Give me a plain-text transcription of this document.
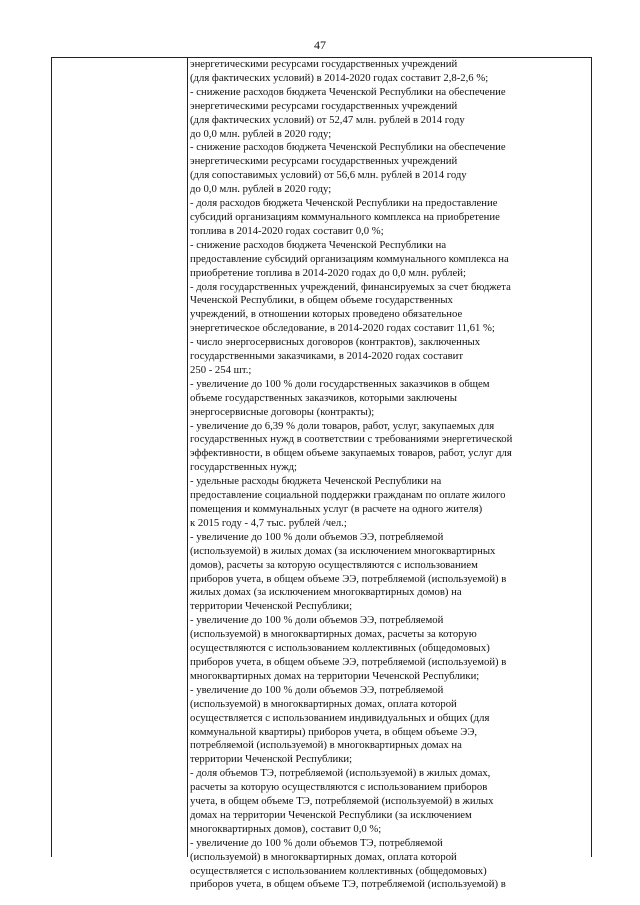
47
энергетическими ресурсами государственных учреждений
(для фактических условий) в 2014-2020 годах составит 2,8-2,6 %;
- снижение расходов бюджета Чеченской Республики на обеспечение
энергетическими ресурсами государственных учреждений
(для фактических условий) от 52,47 млн. рублей в 2014 году
до 0,0 млн. рублей в 2020 году;
- снижение расходов бюджета Чеченской Республики на обеспечение
энергетическими ресурсами государственных учреждений
(для сопоставимых условий) от 56,6 млн. рублей в 2014 году
до 0,0 млн. рублей в 2020 году;
- доля расходов бюджета Чеченской Республики на предоставление
субсидий организациям коммунального комплекса на приобретение
топлива в 2014-2020 годах составит 0,0 %;
- снижение расходов бюджета Чеченской Республики на
предоставление субсидий организациям коммунального комплекса на
приобретение топлива в 2014-2020 годах до 0,0 млн. рублей;
- доля государственных учреждений, финансируемых за счет бюджета
Чеченской Республики, в общем объеме государственных
учреждений, в отношении которых проведено обязательное
энергетическое обследование, в 2014-2020 годах составит 11,61 %;
- число энергосервисных договоров (контрактов), заключенных
государственными заказчиками, в 2014-2020 годах составит
250 - 254 шт.;
- увеличение до 100 % доли государственных заказчиков в общем
объеме государственных заказчиков, которыми заключены
энергосервисные договоры (контракты);
- увеличение до 6,39 % доли товаров, работ, услуг, закупаемых для
государственных нужд в соответствии с требованиями энергетической
эффективности, в общем объеме закупаемых товаров, работ, услуг для
государственных нужд;
- удельные расходы бюджета Чеченской Республики на
предоставление социальной поддержки гражданам по оплате жилого
помещения и коммунальных услуг (в расчете на одного жителя)
к 2015 году - 4,7 тыс. рублей /чел.;
- увеличение до 100 % доли объемов ЭЭ, потребляемой
(используемой) в жилых домах (за исключением многоквартирных
домов), расчеты за которую осуществляются с использованием
приборов учета, в общем объеме ЭЭ, потребляемой (используемой) в
жилых домах (за исключением многоквартирных домов) на
территории Чеченской Республики;
- увеличение до 100 % доли объемов ЭЭ, потребляемой
(используемой) в многоквартирных домах, расчеты за которую
осуществляются с использованием коллективных (общедомовых)
приборов учета, в общем объеме ЭЭ, потребляемой (используемой) в
многоквартирных домах на территории Чеченской Республики;
- увеличение до 100 % доли объемов ЭЭ, потребляемой
(используемой) в многоквартирных домах, оплата которой
осуществляется с использованием индивидуальных и общих (для
коммунальной квартиры) приборов учета, в общем объеме ЭЭ,
потребляемой (используемой) в многоквартирных домах на
территории Чеченской Республики;
- доля объемов ТЭ, потребляемой (используемой) в жилых домах,
расчеты за которую осуществляются с использованием приборов
учета, в общем объеме ТЭ, потребляемой (используемой) в жилых
домах на территории Чеченской Республики (за исключением
многоквартирных домов), составит 0,0 %;
- увеличение до 100 % доли объемов ТЭ, потребляемой
(используемой) в многоквартирных домах, оплата которой
осуществляется с использованием коллективных (общедомовых)
приборов учета, в общем объеме ТЭ, потребляемой (используемой) в
